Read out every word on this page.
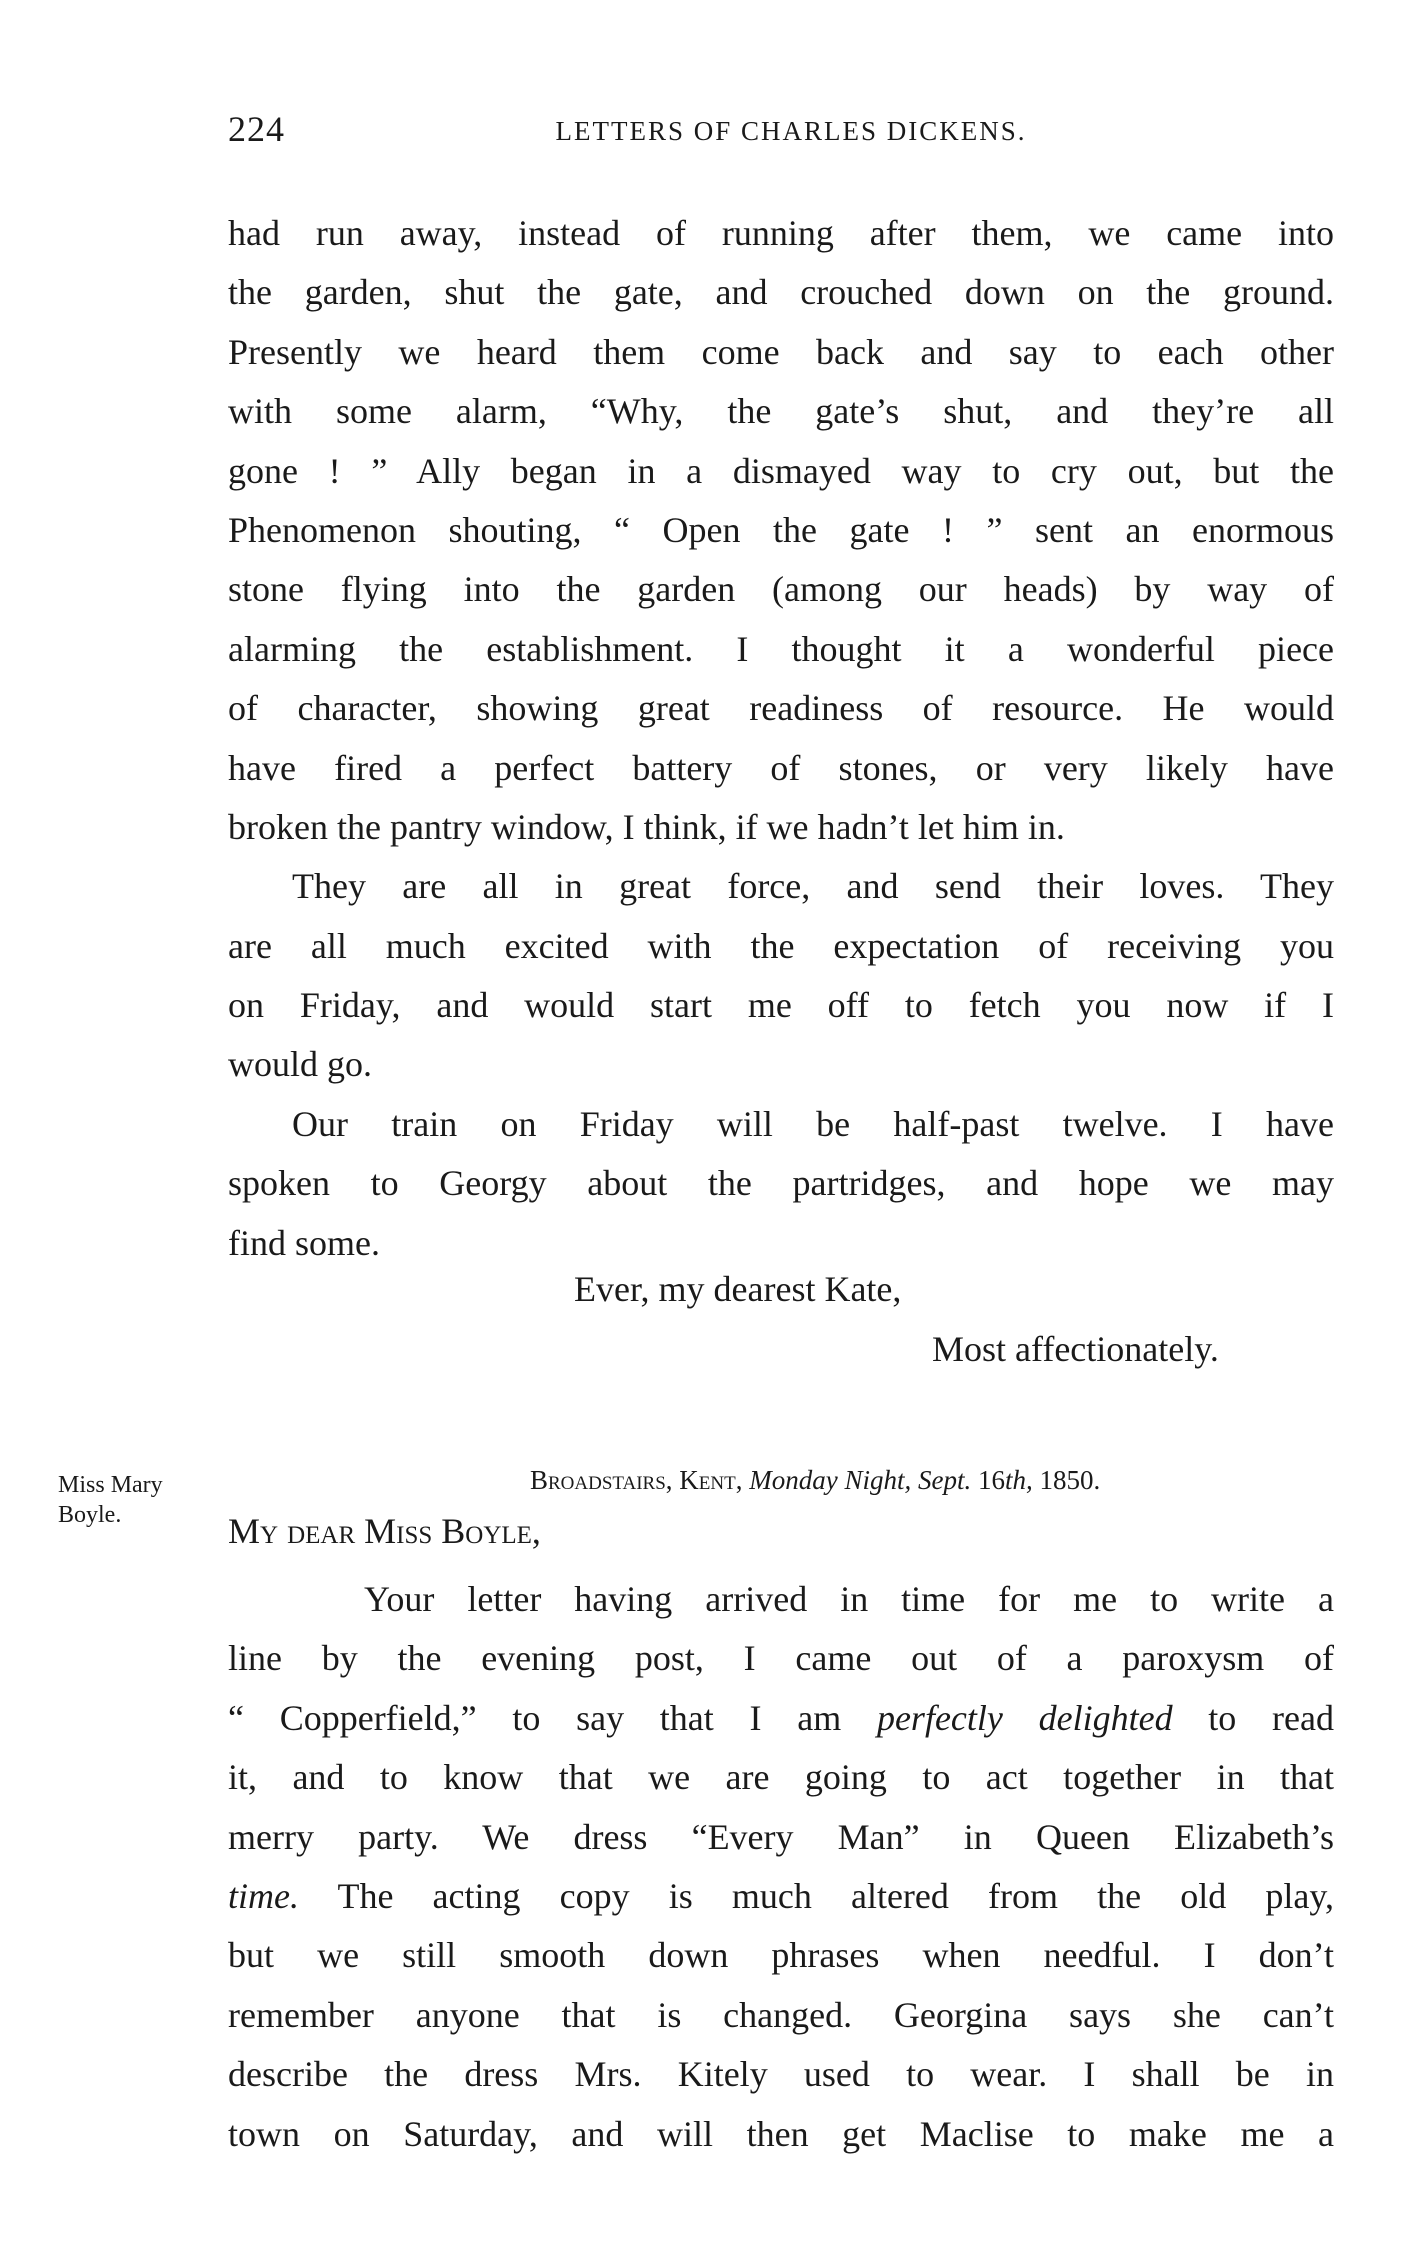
224	LETTERS OF CHARLES DICKENS.
had run away, instead of running after them, we came into
the garden, shut the gate, and crouched down on the ground.
Presently we heard them come back and say to each other
with some alarm, “Why, the gate’s shut, and they’re all
gone ! ” Ally began in a dismayed way to cry out, but the
Phenomenon shouting, “ Open the gate ! ” sent an enormous
stone flying into the garden (among our heads) by way of
alarming the establishment. I thought it a wonderful piece
of character, showing great readiness of resource. He would
have fired a perfect battery of stones, or very likely have
broken the pantry window, I think, if we hadn’t let him in.
They are all in great force, and send their loves. They
are all much excited with the expectation of receiving you
on Friday, and would start me off to fetch you now if I
would go.
Our train on Friday will be half-past twelve. I have
spoken to Georgy about the partridges, and hope we may
find some.
Ever, my dearest Kate,
Most affectionately.
Miss Mary
Boyle.
Broadstairs, Kent, Monday Night, Sept. 16th, 1850.
My dear Miss Boyle,
Your letter having arrived in time for me to write a
line by the evening post, I came out of a paroxysm of
“ Copperfield,” to say that I am perfectly delighted to read
it, and to know that we are going to act together in that
merry party. We dress “Every Man” in Queen Elizabeth’s
time. The acting copy is much altered from the old play,
but we still smooth down phrases when needful. I don’t
remember anyone that is changed. Georgina says she can’t
describe the dress Mrs. Kitely used to wear. I shall be in
town on Saturday, and will then get Maclise to make me a
